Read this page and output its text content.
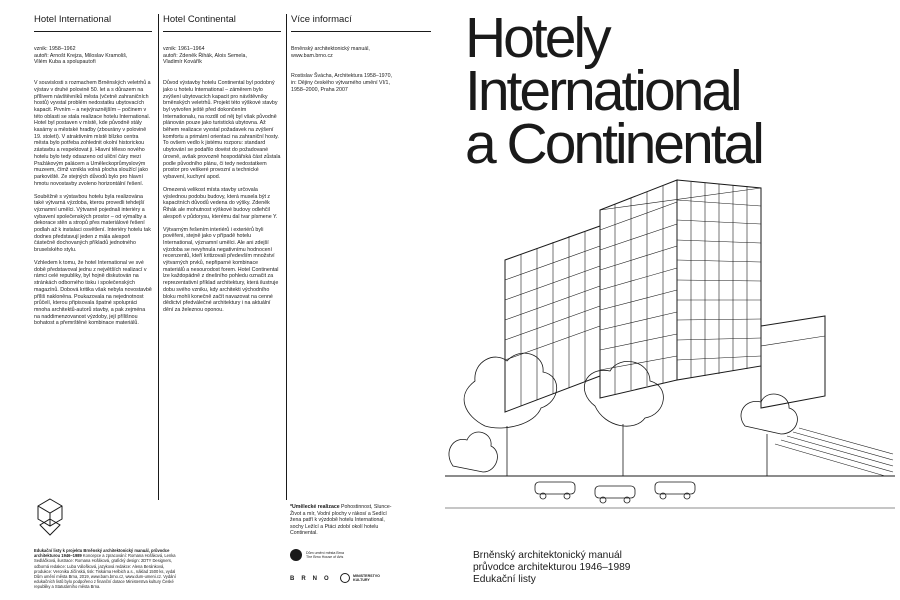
Hotel International
vznik: 1958–1962
autoři: Arnošt Krejza, Miloslav Kramoliš,
Vilém Kuba a spolupautoři

V souvislosti s rozmachem Brněnských veletrhů a výstav v druhé polovině 50. let a s důrazem na přílivem návštěvníků města (včetně zahraničních hostů) vyvstal problém nedostatku ubytovacích kapacit. Prvním – a nejvýraznějším – počinem v této oblasti se stala realizace hotelu International. Hotel byl postaven v místě, kde původně stály kasárny a městské hradby (zbourány v polovině 19. století). V atraktivním místě blízko centra města bylo potřeba zohlednit okolní historickou zástavbu a respektovat ji. Hlavní těleso nového hotelu bylo tedy odsazeno od uliční čáry mezi Pražákovým palácem a Uměleckoprůmyslovým muzeem, čímž vznikla volná plocha sloužící jako parkoviště. Ze stejných důvodů bylo pro hlavní hmotu novostavby zvoleno horizontální řešení.

Souběžně s výstavbou hotelu byla realizována také výtvarná výzdoba, kterou provedli tehdejší významní umělci. Výtvarně pojednali interiéry a vybavení společenských prostor – od výmalby a dekorace stěn a stropů přes materiálové řešení podlah až k instalaci osvětlení. Interiéry hotelu tak dodnes představují jeden z mála alespoň částečně dochovaných příkladů jednotného bruselského stylu.

Vzhledem k tomu, že hotel International ve své době představoval jednu z největších realizací v rámci celé republiky, byl hojně diskutován na stránkách odborného tisku i společenských magazínů. Dobová kritika však nebyla novostavbě příliš nakloněna. Poukazovala na nejednotnost průčelí, kterou připisovala špatné spolupráci mnoha architektů-autorů stavby, a pak zejména na naddimenzovanost výzdoby, její přílišnou bohatost a přemrštěné kombinace materiálů.

Hotel Continental
vznik: 1961–1964
autoři: Zdeněk Řihák, Alois Semela,
Vladimír Kovářík

Důvod výstavby hotelu Continental byl podobný jako u hotelu International – záměrem bylo zvýšení ubytovacích kapacit pro návštěvníky brněnských veletrhů. Projekt této výškové stavby byl vytvořen ještě před dokončením Internationalu, na rozdíl od něj byl však původně plánován pouze jako turistická ubytovna. Až během realizace vyvstal požadavek na zvýšení komfortu a primární orientaci na zahraniční hosty. To ovšem vedlo k jistému rozporu: standard ubytování se podařilo dovést do požadované úrovně, avšak provozně hospodářská část zůstala podle původního plánu, či tedy nedostatkem prostor pro veškeré provozní a technické vybavení, kuchyní apod.

Omezená velikost místa stavby určovala výslednou podobu budovy, která musela být z kapacitních důvodů vedena do výšky. Zdeněk Řihák ale mohutnost výškové budovy odlehčil alespoň v půdorysu, kterému dal tvar písmene Y.

Výtvarným řešením interiérů i exteriérů byli pověřeni, stejně jako v případě hotelu International, významní umělci. Ale ani zdejší výzdoba se nevyhnula negativnímu hodnocení recenzentů, kteří kritizovali především množství výtvarných prvků, nepřiparné kombinace materiálů a nesourodost forem. Hotel Continental lze každopádně z dnešního pohledu označit za reprezentativní příklad architektury, která ilustruje dobu svého vzniku, kdy architekti východního bloku mohli konečně začít navazovat na cenné dědictví předválečné architektury i na aktuální dění za železnou oponou.

Více informací
Brněnský architektonický manuál,
www.bam.brno.cz
Rostislav Švácha, Architektura 1958–1970,
in: Dějiny českého výtvarného umění VI/1,
1958–2000, Praha 2007
*Umělecké realizace Pohostinnost, Slunce-Život a mír, Vodní plochy v rákosí a Sedící žena patří k výzdobě hotelu International, sochy Ležící a Ptáci zdobí okolí hotelu Continental.
Edukační listy k projektu Brněnský architektonický manuál, průvodce architekturou 1946–1989 Koncepce a zpracování: Romana Hořáková, Lenka Sedláčková, ilustrace: Romana Hořáková, grafický design: 2DTY Designers, odborná redakce: Luba Válošková, jazyková redakce: Alena Beránková, produkce: Veronika Jičínská, tisk: Tiskárna Helbich a.s., náklad 1500 ks, vydal Dům umění města Brna, 2019, www.bam.brno.cz, www.dum-umeni.cz. Vydání edukačních listů bylo podpořeno z finanční dotace Ministerstva kultury České republiky a Statutárního města Brna.
Dům umění města Brna
The Brno House of Arts
BRNO	MINISTERSTVO
KULTURY
Hotely
International
a Continental
Brněnský architektonický manuál
průvodce architekturou 1946–1989
Edukační listy
